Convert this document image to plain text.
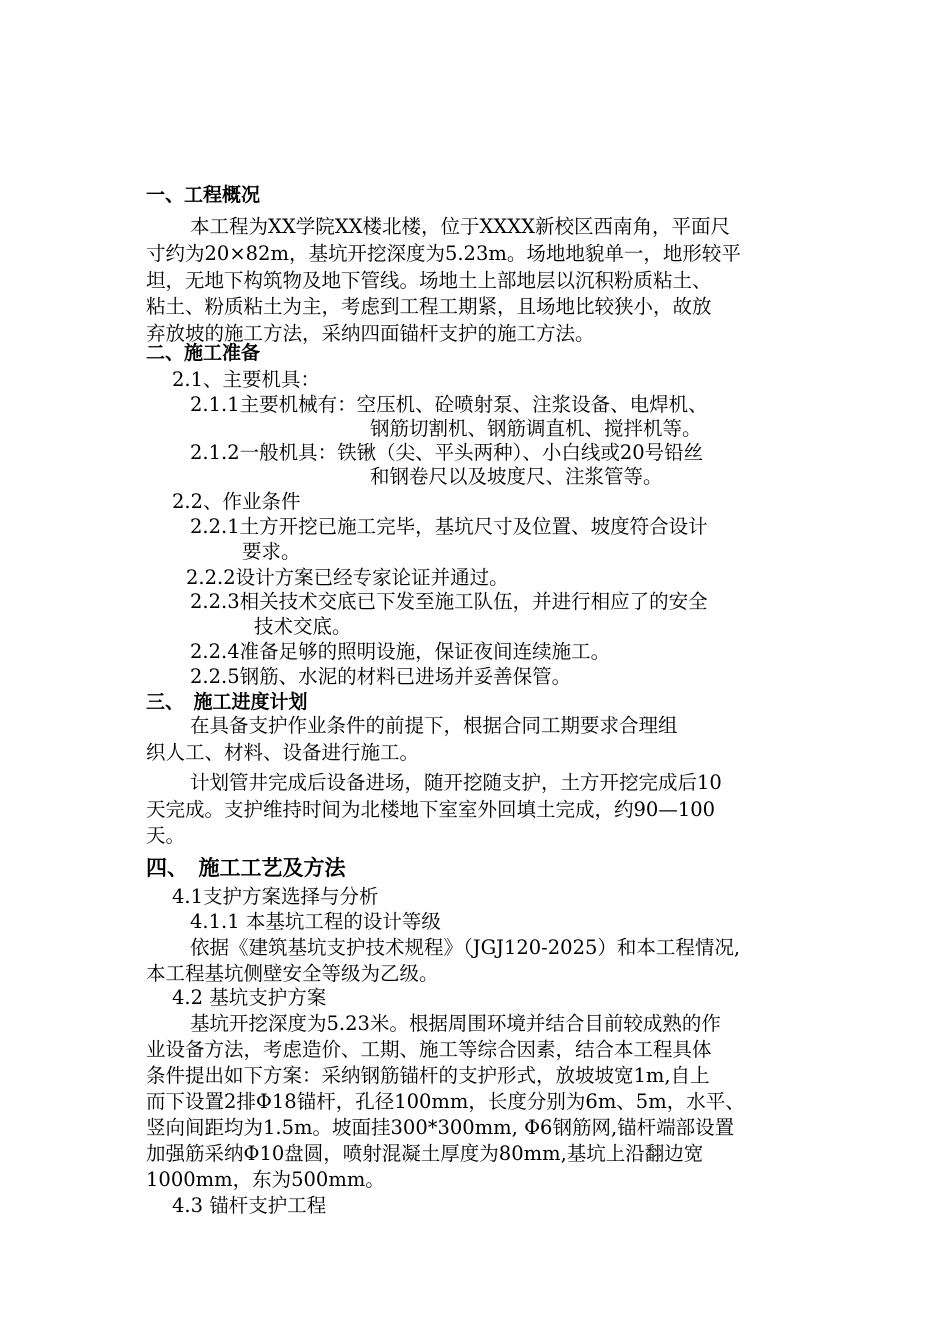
一、工程概况
本工程为XX学院XX楼北楼，位于XXXX新校区西南角，平面尺
寸约为20×82m，基坑开挖深度为5.23m。场地地貌单一，地形较平
坦，无地下构筑物及地下管线。场地土上部地层以沉积粉质粘土、
粘土、粉质粘土为主，考虑到工程工期紧，且场地比较狭小，故放
弃放坡的施工方法，采纳四面锚杆支护的施工方法。
二、施工准备
2.1、主要机具：
2.1.1主要机械有：空压机、砼喷射泵、注浆设备、电焊机、
钢筋切割机、钢筋调直机、搅拌机等。
2.1.2一般机具：铁锹（尖、平头两种）、小白线或20号铅丝
和钢卷尺以及坡度尺、注浆管等。
2.2、作业条件
2.2.1土方开挖已施工完毕，基坑尺寸及位置、坡度符合设计
要求。
2.2.2设计方案已经专家论证并通过。
2.2.3相关技术交底已下发至施工队伍，并进行相应了的安全
技术交底。
2.2.4准备足够的照明设施，保证夜间连续施工。
2.2.5钢筋、水泥的材料已进场并妥善保管。
三、　施工进度计划
在具备支护作业条件的前提下，根据合同工期要求合理组
织人工、材料、设备进行施工。
计划管井完成后设备进场，随开挖随支护，土方开挖完成后10
天完成。支护维持时间为北楼地下室室外回填土完成，约90—100
天。
四、　施工工艺及方法
4.1支护方案选择与分析
4.1.1 本基坑工程的设计等级
依据《建筑基坑支护技术规程》（JGJ120-2025）和本工程情况,
本工程基坑侧壁安全等级为乙级。
4.2 基坑支护方案
基坑开挖深度为5.23米。根据周围环境并结合目前较成熟的作
业设备方法，考虑造价、工期、施工等综合因素，结合本工程具体
条件提出如下方案：采纳钢筋锚杆的支护形式，放坡坡宽1m,自上
而下设置2排Φ18锚杆，孔径100mm，长度分别为6m、5m，水平、
竖向间距均为1.5m。坡面挂300*300mm, Φ6钢筋网,锚杆端部设置
加强筋采纳Φ10盘圆，喷射混凝土厚度为80mm,基坑上沿翻边宽
1000mm，东为500mm。
4.3 锚杆支护工程
